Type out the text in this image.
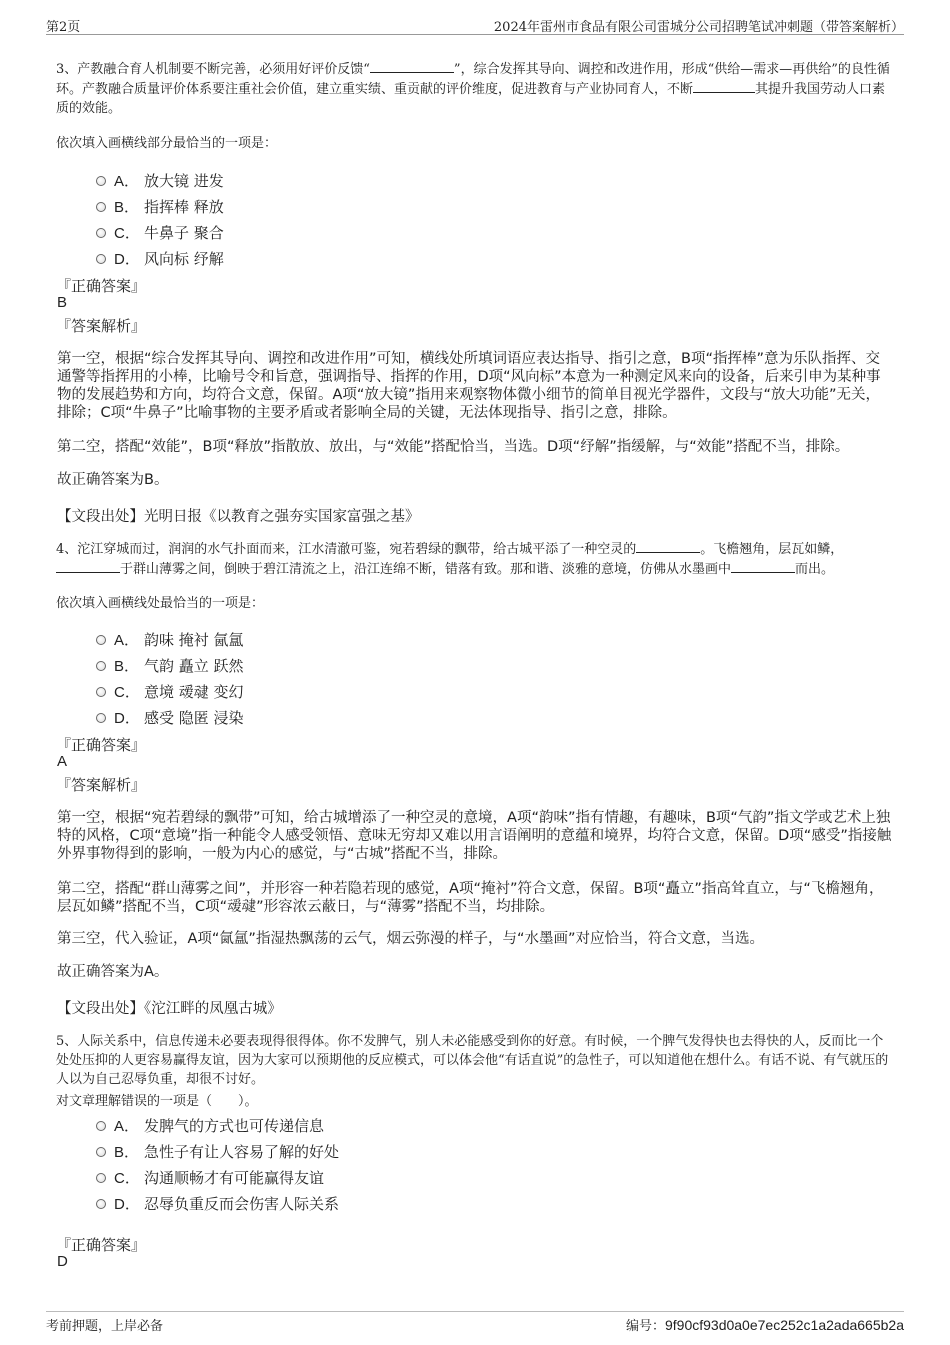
第2页	2024年雷州市食品有限公司雷城分公司招聘笔试冲刺题（带答案解析）
3、产教融合育人机制要不断完善，必须用好评价反馈“	”，综合发挥其导向、调控和改进作用，形成“供给—需求—再供给”的良性循环。产教融合质量评价体系要注重社会价值，建立重实绩、重贡献的评价维度，促进教育与产业协同育人，不断	其提升我国劳动人口素质的效能。
依次填入画横线部分最恰当的一项是：
A． 放大镜 进发
B． 指挥棒 释放
C． 牛鼻子 聚合
D． 风向标 纾解
『正确答案』
B
『答案解析』
第一空，根据“综合发挥其导向、调控和改进作用”可知，横线处所填词语应表达指导、指引之意，B项“指挥棒”意为乐队指挥、交通警等指挥用的小棒，比喻号令和旨意，强调指导、指挥的作用，D项“风向标”本意为一种测定风来向的设备，后来引申为某种事物的发展趋势和方向，均符合文意，保留。A项“放大镜”指用来观察物体微小细节的简单目视光学器件，文段与“放大功能”无关，排除；C项“牛鼻子”比喻事物的主要矛盾或者影响全局的关键，无法体现指导、指引之意，排除。
第二空，搭配“效能”，B项“释放”指散放、放出，与“效能”搭配恰当，当选。D项“纾解”指缓解，与“效能”搭配不当，排除。
故正确答案为B。
【文段出处】光明日报《以教育之强夯实国家富强之基》
4、沱江穿城而过，润润的水气扑面而来，江水清澈可鉴，宛若碧绿的飘带，给古城平添了一种空灵的	。飞檐翘角，层瓦如鳞，于群山薄雾之间，倒映于碧江清流之上，沿江连绵不断，错落有致。那和谐、淡雅的意境，仿佛从水墨画中	而出。
依次填入画横线处最恰当的一项是：
A． 韵味 掩衬 氤氲
B． 气韵 矗立 跃然
C． 意境 叆叇 变幻
D． 感受 隐匿 浸染
『正确答案』
A
『答案解析』
第一空，根据“宛若碧绿的飘带”可知，给古城增添了一种空灵的意境，A项“韵味”指有情趣，有趣味，B项“气韵”指文学或艺术上独特的风格，C项“意境”指一种能令人感受领悟、意味无穷却又难以用言语阐明的意蕴和境界，均符合文意，保留。D项“感受”指接触外界事物得到的影响，一般为内心的感觉，与“古城”搭配不当，排除。
第二空，搭配“群山薄雾之间”，并形容一种若隐若现的感觉，A项“掩衬”符合文意，保留。B项“矗立”指高耸直立，与“飞檐翘角，层瓦如鳞”搭配不当，C项“叆叇”形容浓云蔽日，与“薄雾”搭配不当，均排除。
第三空，代入验证，A项“氤氲”指湿热飘荡的云气，烟云弥漫的样子，与“水墨画”对应恰当，符合文意，当选。
故正确答案为A。
【文段出处】《沱江畔的凤凰古城》
5、人际关系中，信息传递未必要表现得很得体。你不发脾气，别人未必能感受到你的好意。有时候，一个脾气发得快也去得快的人，反而比一个处处压抑的人更容易赢得友谊，因为大家可以预期他的反应模式，可以体会他“有话直说”的急性子，可以知道他在想什么。有话不说、有气就压的人以为自己忍辱负重，却很不讨好。
对文章理解错误的一项是（　　）。
A． 发脾气的方式也可传递信息
B． 急性子有让人容易了解的好处
C． 沟通顺畅才有可能赢得友谊
D． 忍辱负重反而会伤害人际关系
『正确答案』
D
考前押题，上岸必备	编号：9f90cf93d0a0e7ec252c1a2ada665b2a
